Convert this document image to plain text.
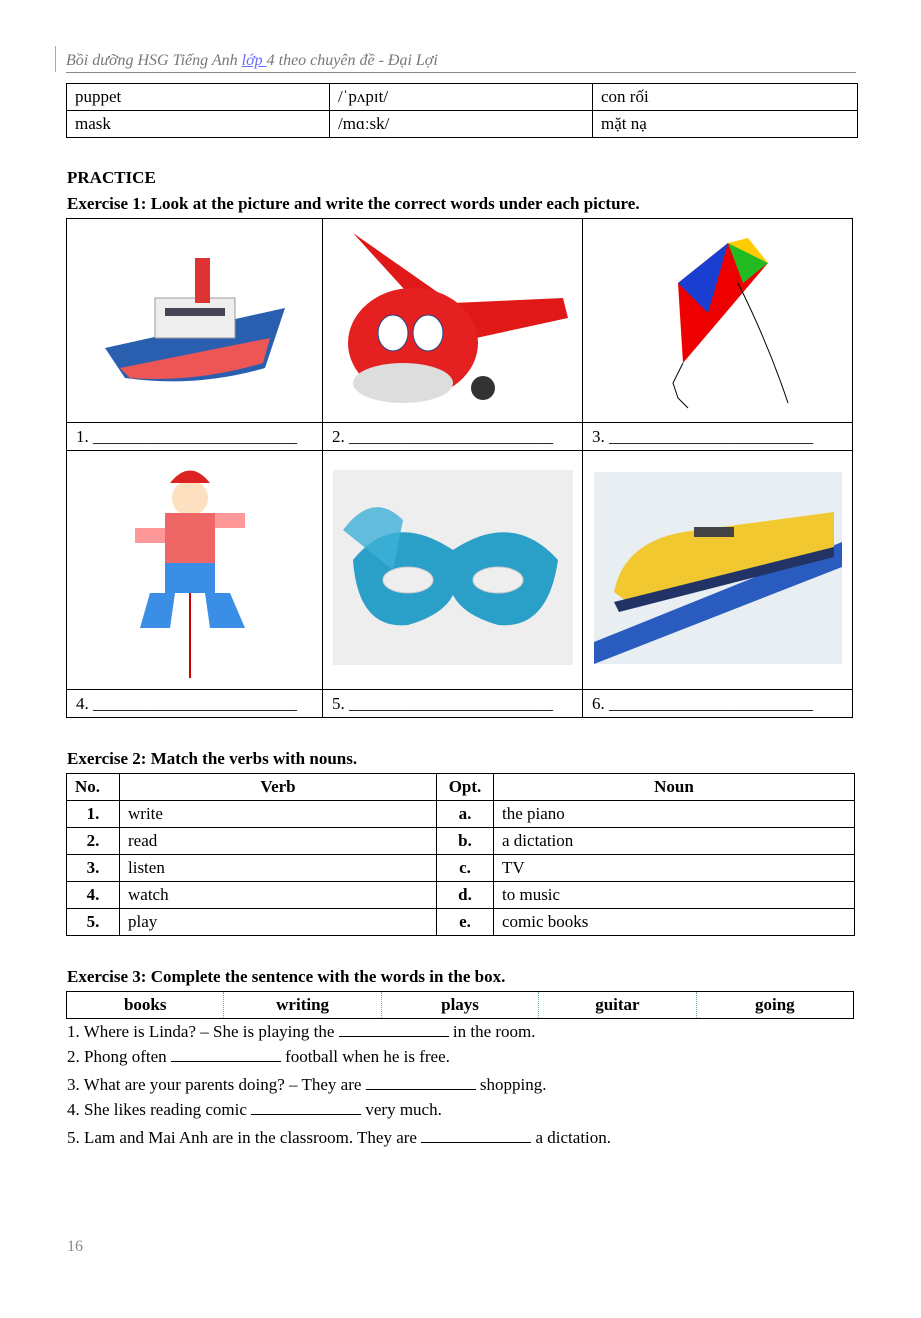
Bồi dưỡng HSG Tiếng Anh lớp 4 theo chuyên đề - Đại Lợi
puppet	/ˈpʌpɪt/	con rối
mask	/mɑːsk/	mặt nạ
PRACTICE
Exercise 1: Look at the picture and write the correct words under each picture.

1. ________________________	2. ________________________	3. ________________________

4. ________________________	5. ________________________	6. ________________________
Exercise 2: Match the verbs with nouns.
No.	Verb	Opt.	Noun
1.	write	a.	the piano
2.	read	b.	a dictation
3.	listen	c.	TV
4.	watch	d.	to music
5.	play	e.	comic books
Exercise 3: Complete the sentence with the words in the box.
books	writing	plays	guitar	going
1. Where is Linda? – She is playing the	in the room.
2. Phong often	football when he is free.
3. What are your parents doing? – They are	shopping.
4. She likes reading comic	very much.
5. Lam and Mai Anh are in the classroom. They are	a dictation.
16
